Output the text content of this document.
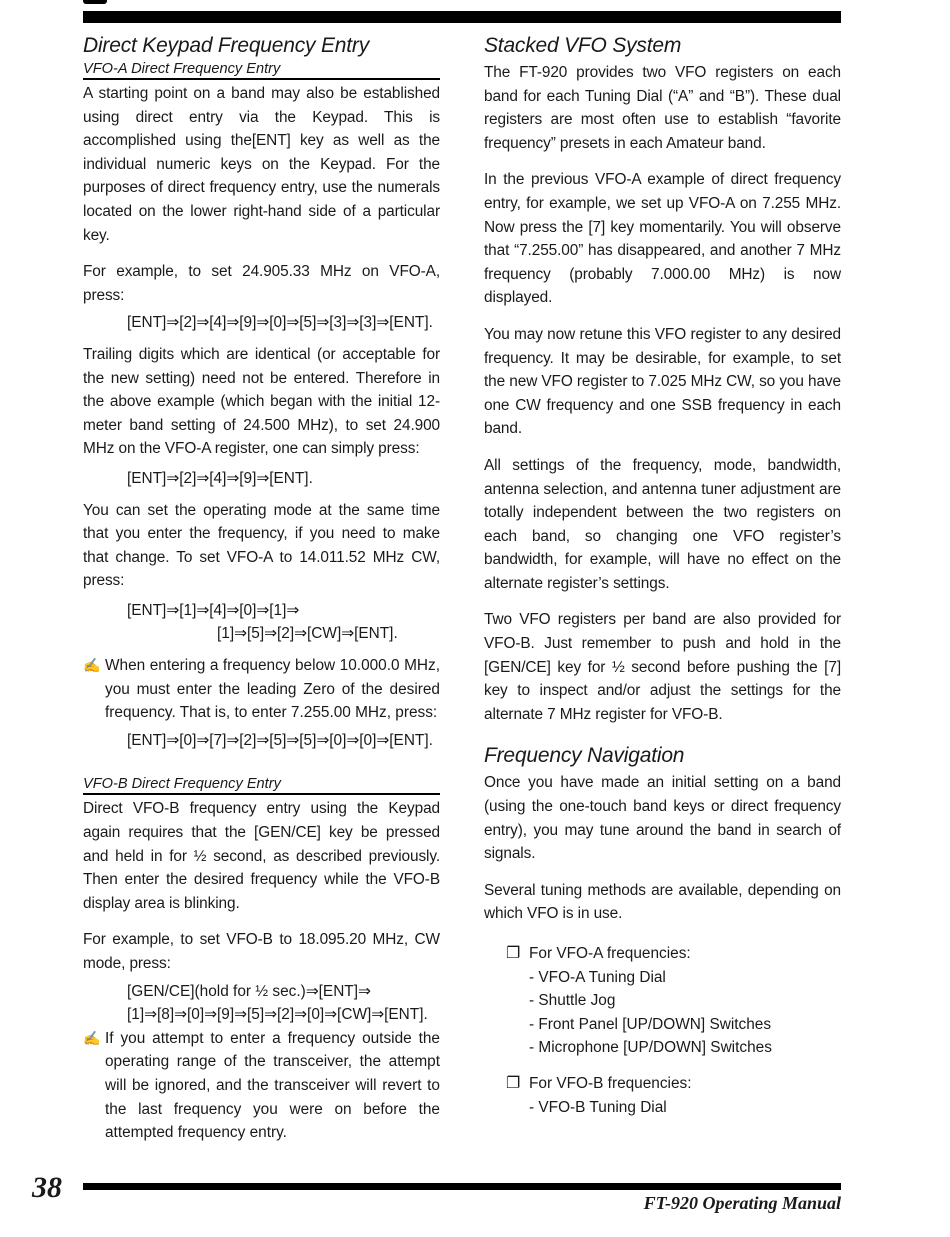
Direct Keypad Frequency Entry
VFO-A Direct Frequency Entry

A starting point on a band may also be established using direct entry via the Keypad. This is accomplished using the[ENT] key as well as the individual numeric keys on the Keypad. For the purposes of direct frequency entry, use the numerals located on the lower right-hand side of a particular key.

For example, to set 24.905.33 MHz on VFO-A, press:

[ENT]⇒[2]⇒[4]⇒[9]⇒[0]⇒[5]⇒[3]⇒[3]⇒[ENT].

Trailing digits which are identical (or acceptable for the new setting) need not be entered. Therefore in the above example (which began with the initial 12-meter band setting of 24.500 MHz), to set 24.900 MHz on the VFO-A register, one can simply press:

[ENT]⇒[2]⇒[4]⇒[9]⇒[ENT].

You can set the operating mode at the same time that you enter the frequency, if you need to make that change. To set VFO-A to 14.011.52 MHz CW, press:

[ENT]⇒[1]⇒[4]⇒[0]⇒[1]⇒
[1]⇒[5]⇒[2]⇒[CW]⇒[ENT].
✍ When entering a frequency below 10.000.0 MHz, you must enter the leading Zero of the desired frequency. That is, to enter 7.255.00 MHz, press:
[ENT]⇒[0]⇒[7]⇒[2]⇒[5]⇒[5]⇒[0]⇒[0]⇒[ENT].
VFO-B Direct Frequency Entry

Direct VFO-B frequency entry using the Keypad again requires that the [GEN/CE] key be pressed and held in for ½ second, as described previously. Then enter the desired frequency while the VFO-B display area is blinking.

For example, to set VFO-B to 18.095.20 MHz, CW mode, press:

[GEN/CE](hold for ½ sec.)⇒[ENT]⇒
[1]⇒[8]⇒[0]⇒[9]⇒[5]⇒[2]⇒[0]⇒[CW]⇒[ENT].
✍ If you attempt to enter a frequency outside the operating range of the transceiver, the attempt will be ignored, and the transceiver will revert to the last frequency you were on before the attempted frequency entry.
Stacked VFO System

The FT-920 provides two VFO registers on each band for each Tuning Dial (“A” and “B”). These dual registers are most often use to establish “favorite frequency” presets in each Amateur band.

In the previous VFO-A example of direct frequency entry, for example, we set up VFO-A on 7.255 MHz. Now press the [7] key momentarily. You will observe that “7.255.00” has disappeared, and another 7 MHz frequency (probably 7.000.00 MHz) is now displayed.

You may now retune this VFO register to any desired frequency. It may be desirable, for example, to set the new VFO register to 7.025 MHz CW, so you have one CW frequency and one SSB frequency in each band.

All settings of the frequency, mode, bandwidth, antenna selection, and antenna tuner adjustment are totally independent between the two registers on each band, so changing one VFO register’s bandwidth, for example, will have no effect on the alternate register’s settings.

Two VFO registers per band are also provided for VFO-B. Just remember to push and hold in the [GEN/CE] key for ½ second before pushing the [7] key to inspect and/or adjust the settings for the alternate 7 MHz register for VFO-B.

Frequency Navigation

Once you have made an initial setting on a band (using the one-touch band keys or direct frequency entry), you may tune around the band in search of signals.

Several tuning methods are available, depending on which VFO is in use.

❐ For VFO-A frequencies:
- VFO-A Tuning Dial
- Shuttle Jog
- Front Panel [UP/DOWN] Switches
- Microphone [UP/DOWN] Switches
❐ For VFO-B frequencies:
- VFO-B Tuning Dial
38	FT-920 Operating Manual
